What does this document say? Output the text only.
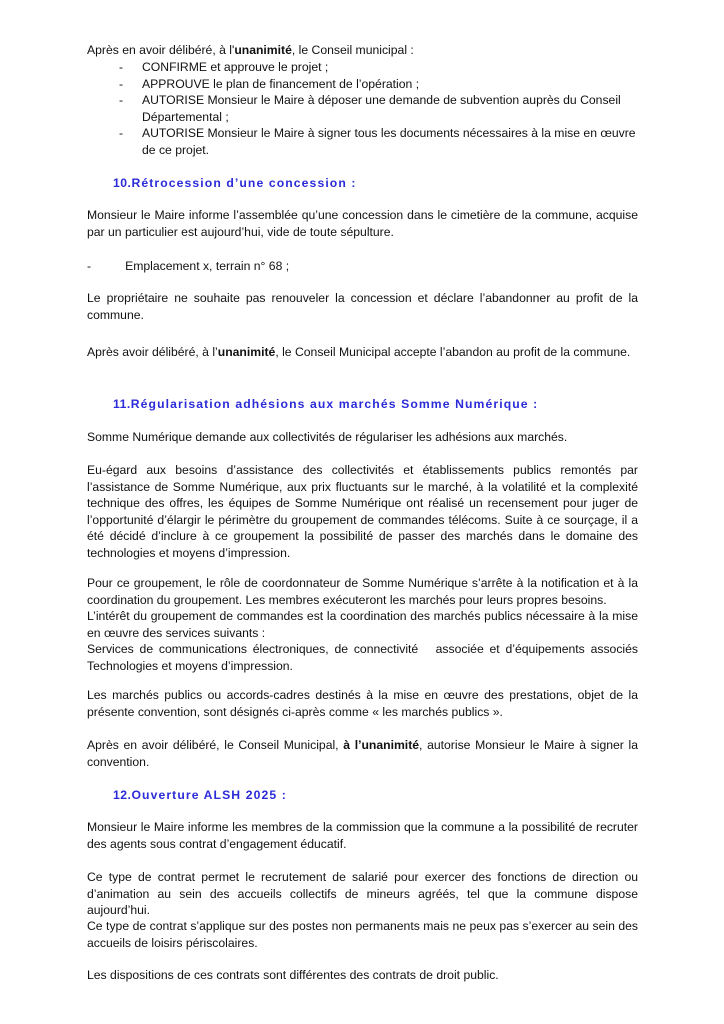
Après en avoir délibéré, à l'unanimité, le Conseil municipal :

- CONFIRME et approuve le projet ;
- APPROUVE le plan de financement de l’opération ;
- AUTORISE Monsieur le Maire à déposer une demande de subvention auprès du Conseil Départemental ;
- AUTORISE Monsieur le Maire à signer tous les documents nécessaires à la mise en œuvre de ce projet.
10.Rétrocession d’une concession :

Monsieur le Maire informe l’assemblée qu’une concession dans le cimetière de la commune, acquise par un particulier est aujourd’hui, vide de toute sépulture.

-	Emplacement x, terrain n° 68 ;

Le propriétaire ne souhaite pas renouveler la concession et déclare l’abandonner au profit de la commune.

Après avoir délibéré, à l’unanimité, le Conseil Municipal accepte l’abandon au profit de la commune.

11.Régularisation adhésions aux marchés Somme Numérique :

Somme Numérique demande aux collectivités de régulariser les adhésions aux marchés.

Eu-égard aux besoins d’assistance des collectivités et établissements publics remontés par l’assistance de Somme Numérique, aux prix fluctuants sur le marché, à la volatilité et la complexité technique des offres, les équipes de Somme Numérique ont réalisé un recensement pour juger de l’opportunité d’élargir le périmètre du groupement de commandes télécoms. Suite à ce sourçage, il a été décidé d’inclure à ce groupement la possibilité de passer des marchés dans le domaine des technologies et moyens d’impression.

Pour ce groupement, le rôle de coordonnateur de Somme Numérique s’arrête à la notification et à la
coordination du groupement. Les membres exécuteront les marchés pour leurs propres besoins.
L’intérêt du groupement de commandes est la coordination des marchés publics nécessaire à la mise
en œuvre des services suivants :
Services de communications électroniques, de connectivité   associée et d’équipements associés
Technologies et moyens d’impression.

Les marchés publics ou accords-cadres destinés à la mise en œuvre des prestations, objet de la présente convention, sont désignés ci-après comme « les marchés publics ».

Après en avoir délibéré, le Conseil Municipal, à l’unanimité, autorise Monsieur le Maire à signer la convention.

12.Ouverture ALSH 2025 :

Monsieur le Maire informe les membres de la commission que la commune a la possibilité de recruter des agents sous contrat d’engagement éducatif.

Ce type de contrat permet le recrutement de salarié pour exercer des fonctions de direction ou d’animation au sein des accueils collectifs de mineurs agréés, tel que la commune dispose aujourd’hui.

Ce type de contrat s’applique sur des postes non permanents mais ne peux pas s’exercer au sein des accueils de loisirs périscolaires.

Les dispositions de ces contrats sont différentes des contrats de droit public.
